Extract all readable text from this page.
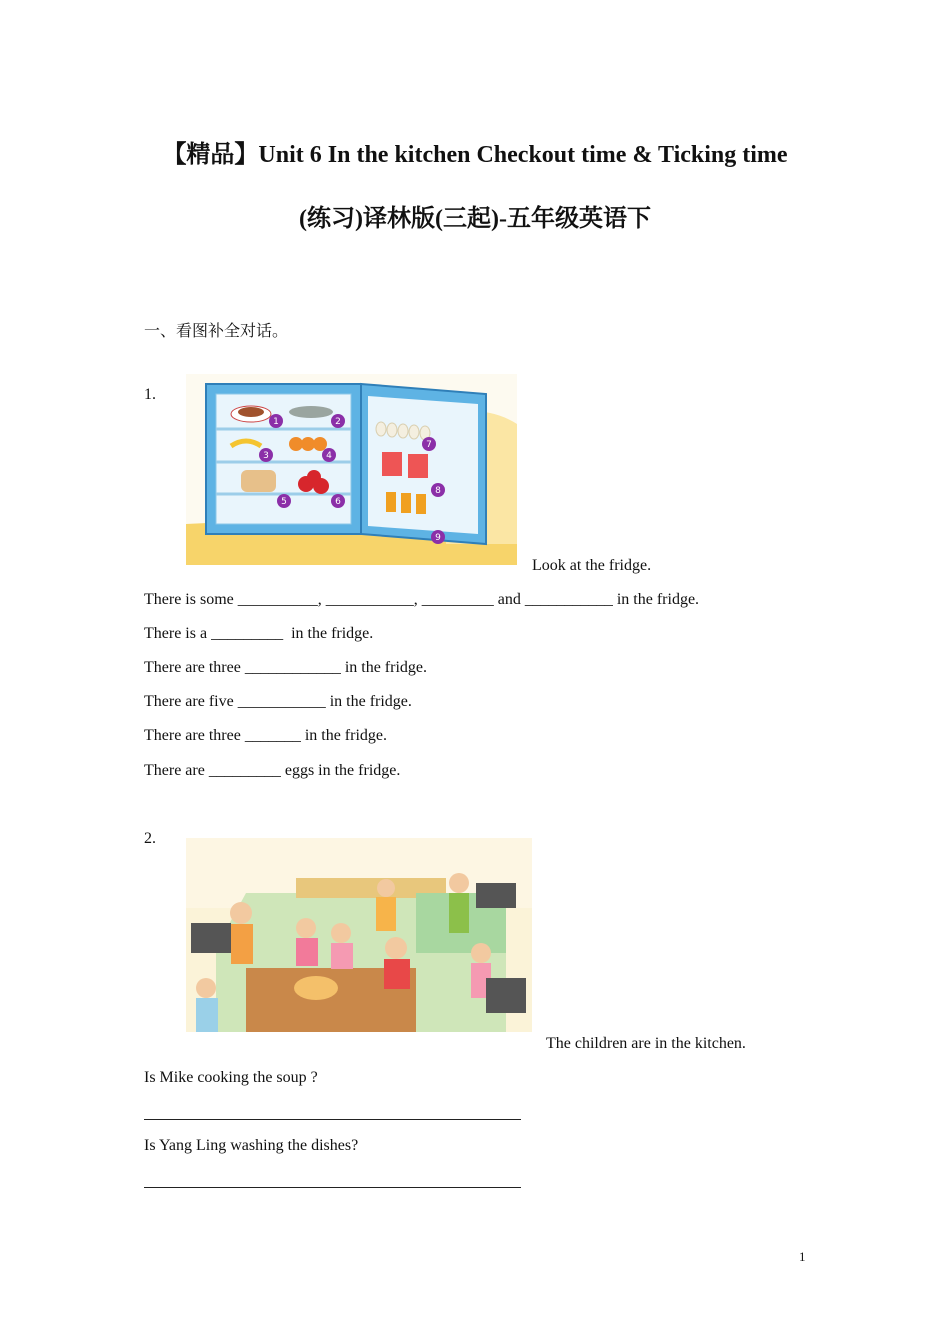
【精品】Unit 6 In the kitchen Checkout time & Ticking time
(练习)译林版(三起)-五年级英语下
一、看图补全对话。
1.
1	2
3	4
5	6
7
8
9
Look at the fridge.
There is some __________, ___________, _________ and ___________ in the fridge.
There is a _________  in the fridge.
There are three ____________ in the fridge.
There are five ___________ in the fridge.
There are three _______ in the fridge.
There are _________ eggs in the fridge.
2.
The children are in the kitchen.
Is Mike cooking the soup ?
Is Yang Ling washing the dishes?
1
